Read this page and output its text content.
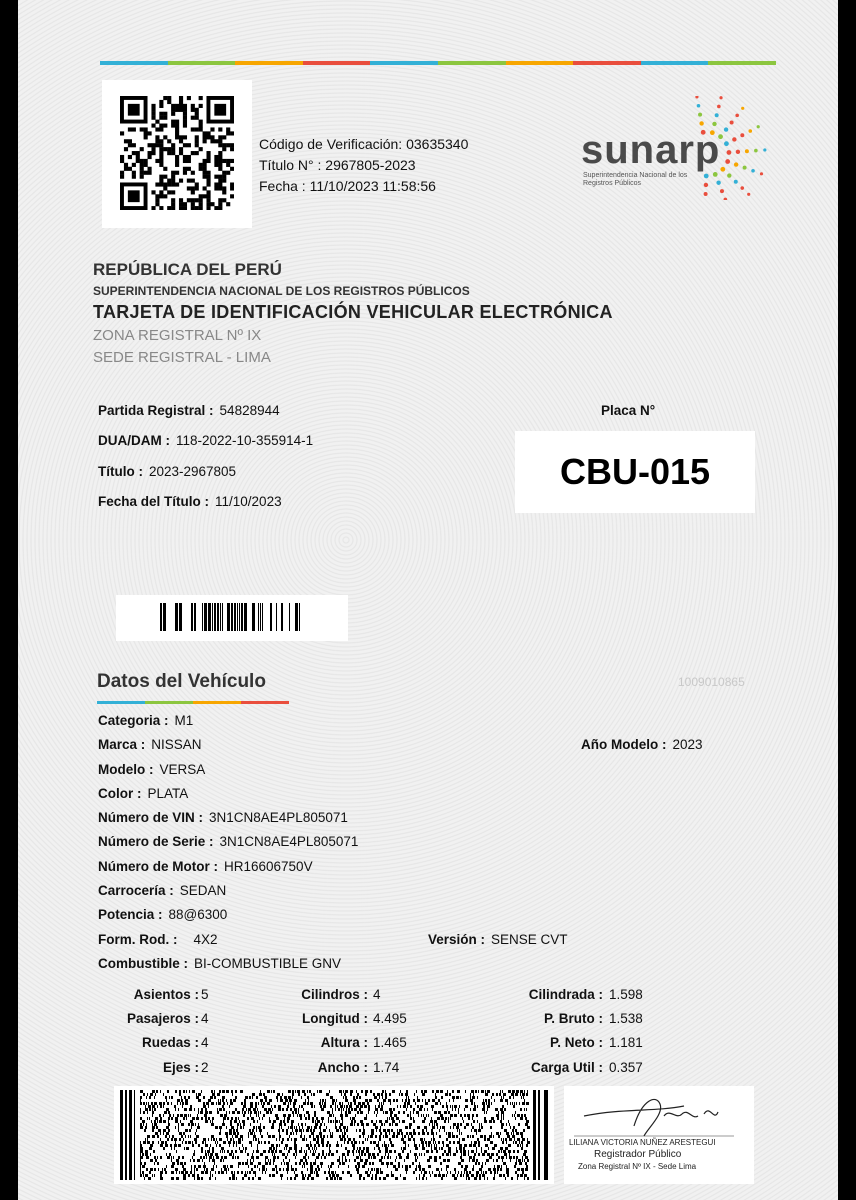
Código de Verificación: 03635340
Título N° : 2967805-2023
Fecha : 11/10/2023 11:58:56
sunarp
Superintendencia Nacional de los Registros Públicos
REPÚBLICA DEL PERÚ
SUPERINTENDENCIA NACIONAL DE LOS REGISTROS PÚBLICOS
TARJETA DE IDENTIFICACIÓN VEHICULAR ELECTRÓNICA
ZONA REGISTRAL Nº IX
SEDE REGISTRAL - LIMA
Partida Registral : 54828944
DUA/DAM : 118-2022-10-355914-1
Título : 2023-2967805
Fecha del Título : 11/10/2023
Placa N°
CBU-015
Datos del Vehículo	1009010865
Categoria : M1
Marca : NISSAN	Año Modelo : 2023
Modelo : VERSA
Color : PLATA
Número de VIN : 3N1CN8AE4PL805071
Número de Serie : 3N1CN8AE4PL805071
Número de Motor : HR16606750V
Carrocería : SEDAN
Potencia : 88@6300
Form. Rod. : 4X2	Versión : SENSE CVT
Combustible : BI-COMBUSTIBLE GNV
Asientos : 5	Cilindros : 4	Cilindrada : 1.598
Pasajeros : 4	Longitud : 4.495	P. Bruto : 1.538
Ruedas : 4	Altura : 1.465	P. Neto : 1.181
Ejes : 2	Ancho : 1.74	Carga Util : 0.357
LILIANA VICTORIA NUÑEZ ARESTEGUI
Registrador Público
Zona Registral Nº IX - Sede Lima
